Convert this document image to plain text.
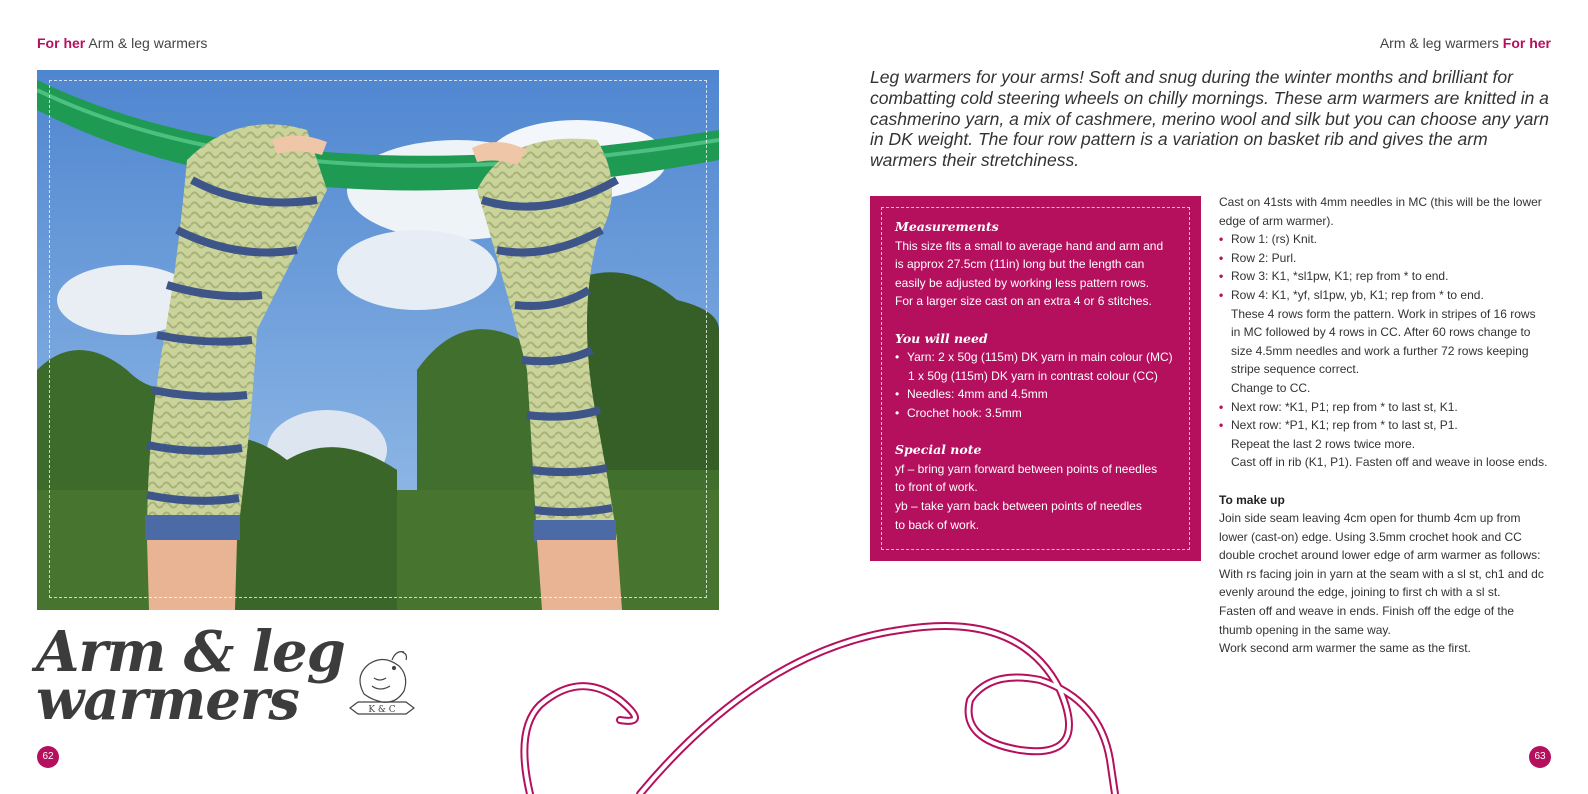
For her Arm & leg warmers	Arm & leg warmers For her
Arm & leg
warmers	K & C
62	63

Leg warmers for your arms! Soft and snug during the winter months and brilliant for combatting cold steering wheels on chilly mornings. These arm warmers are knitted in a cashmerino yarn, a mix of cashmere, merino wool and silk but you can choose any yarn in DK weight. The four row pattern is a variation on basket rib and gives the arm warmers their stretchiness.

Measurements

This size fits a small to average hand and arm and

is approx 27.5cm (11in) long but the length can

easily be adjusted by working less pattern rows.

For a larger size cast on an extra 4 or 6 stitches.

You will need

• Yarn: 2 x 50g (115m) DK yarn in main colour (MC)

1 x 50g (115m) DK yarn in contrast colour (CC)

• Needles: 4mm and 4.5mm

• Crochet hook: 3.5mm

Special note

yf – bring yarn forward between points of needles

to front of work.

yb – take yarn back between points of needles

to back of work.

Cast on 41sts with 4mm needles in MC (this will be the lower

edge of arm warmer).

• Row 1: (rs) Knit.

• Row 2: Purl.

• Row 3: K1, *sl1pw, K1; rep from * to end.

• Row 4: K1, *yf, sl1pw, yb, K1; rep from * to end.

These 4 rows form the pattern. Work in stripes of 16 rows

in MC followed by 4 rows in CC. After 60 rows change to

size 4.5mm needles and work a further 72 rows keeping

stripe sequence correct.

Change to CC.

• Next row: *K1, P1; rep from * to last st, K1.

• Next row: *P1, K1; rep from * to last st, P1.

Repeat the last 2 rows twice more.

Cast off in rib (K1, P1). Fasten off and weave in loose ends.

To make up

Join side seam leaving 4cm open for thumb 4cm up from

lower (cast-on) edge. Using 3.5mm crochet hook and CC

double crochet around lower edge of arm warmer as follows:

With rs facing join in yarn at the seam with a sl st, ch1 and dc

evenly around the edge, joining to first ch with a sl st.

Fasten off and weave in ends. Finish off the edge of the

thumb opening in the same way.

Work second arm warmer the same as the first.
